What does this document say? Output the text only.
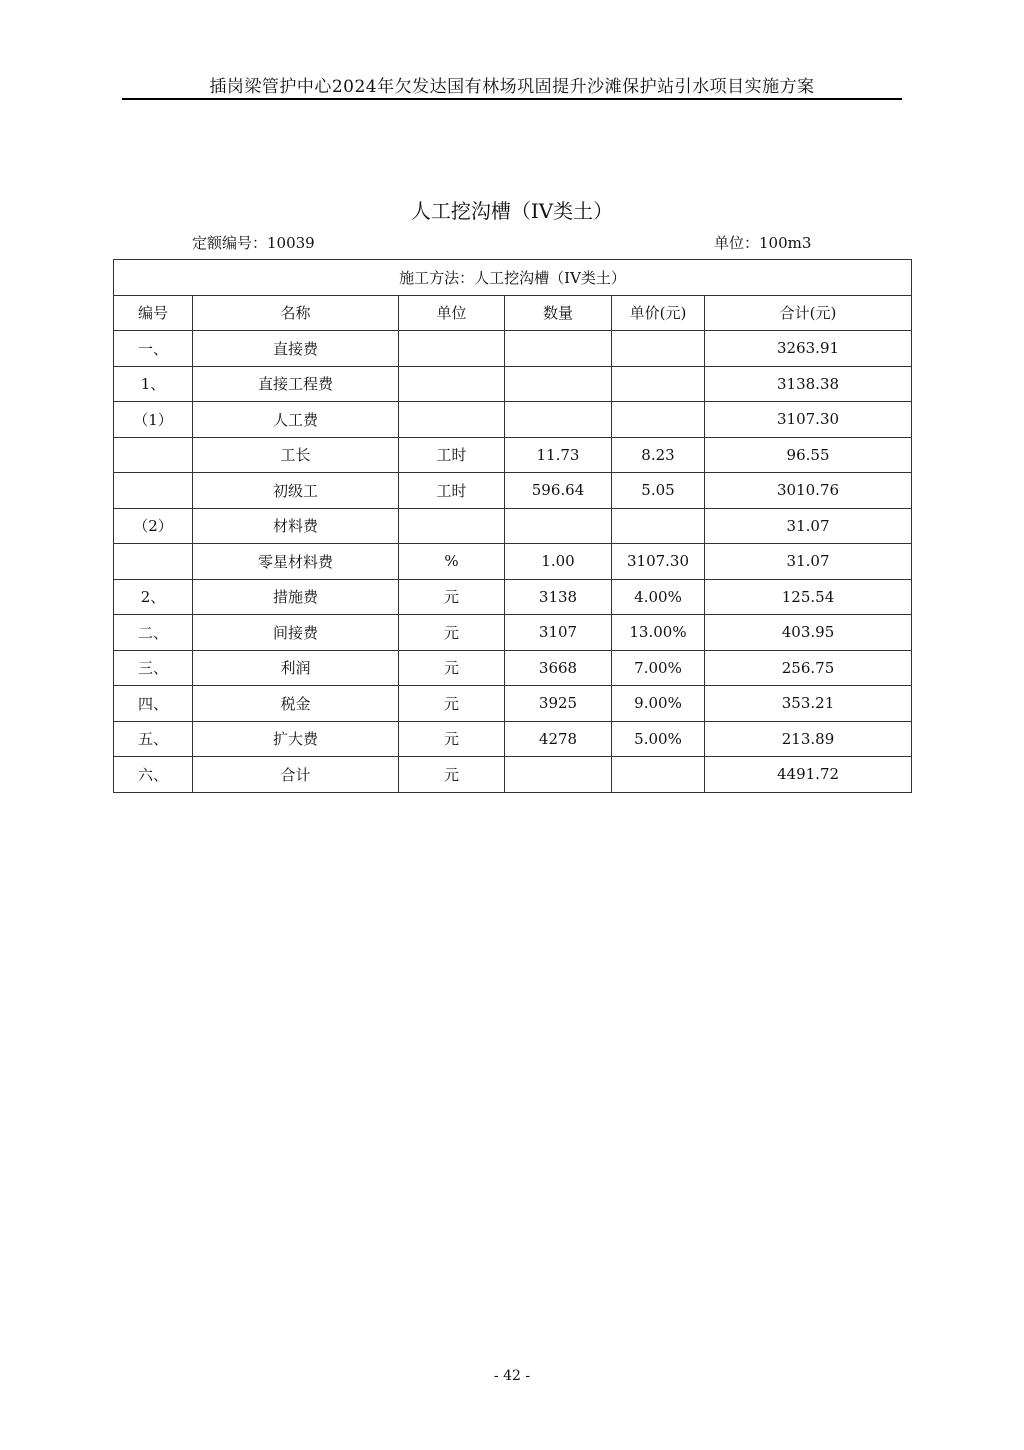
插岗梁管护中心2024年欠发达国有林场巩固提升沙滩保护站引水项目实施方案
人工挖沟槽（IV类土）
定额编号：10039	单位：100m3
施工方法：人工挖沟槽（IV类土）					
编号	名称	单位	数量	单价(元)	合计(元)
一、	直接费				3263.91
1、	直接工程费				3138.38
（1）	人工费				3107.30
	工长	工时	11.73	8.23	96.55
	初级工	工时	596.64	5.05	3010.76
（2）	材料费				31.07
	零星材料费	%	1.00	3107.30	31.07
2、	措施费	元	3138	4.00%	125.54
二、	间接费	元	3107	13.00%	403.95
三、	利润	元	3668	7.00%	256.75
四、	税金	元	3925	9.00%	353.21
五、	扩大费	元	4278	5.00%	213.89
六、	合计	元			4491.72
- 42 -
